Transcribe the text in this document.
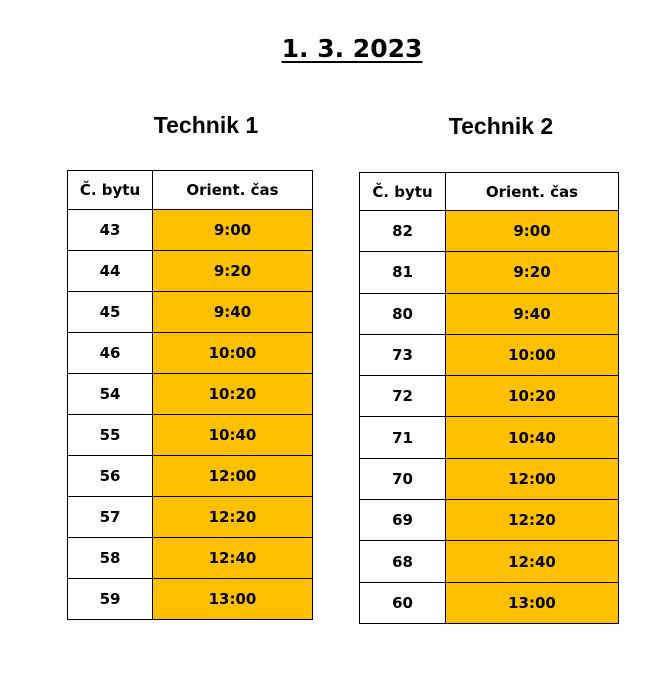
1. 3. 2023
Technik 1	Technik 2
Č. bytu	Orient. čas
43	9:00
44	9:20
45	9:40
46	10:00
54	10:20
55	10:40
56	12:00
57	12:20
58	12:40
59	13:00
Č. bytu	Orient. čas
82	9:00
81	9:20
80	9:40
73	10:00
72	10:20
71	10:40
70	12:00
69	12:20
68	12:40
60	13:00
